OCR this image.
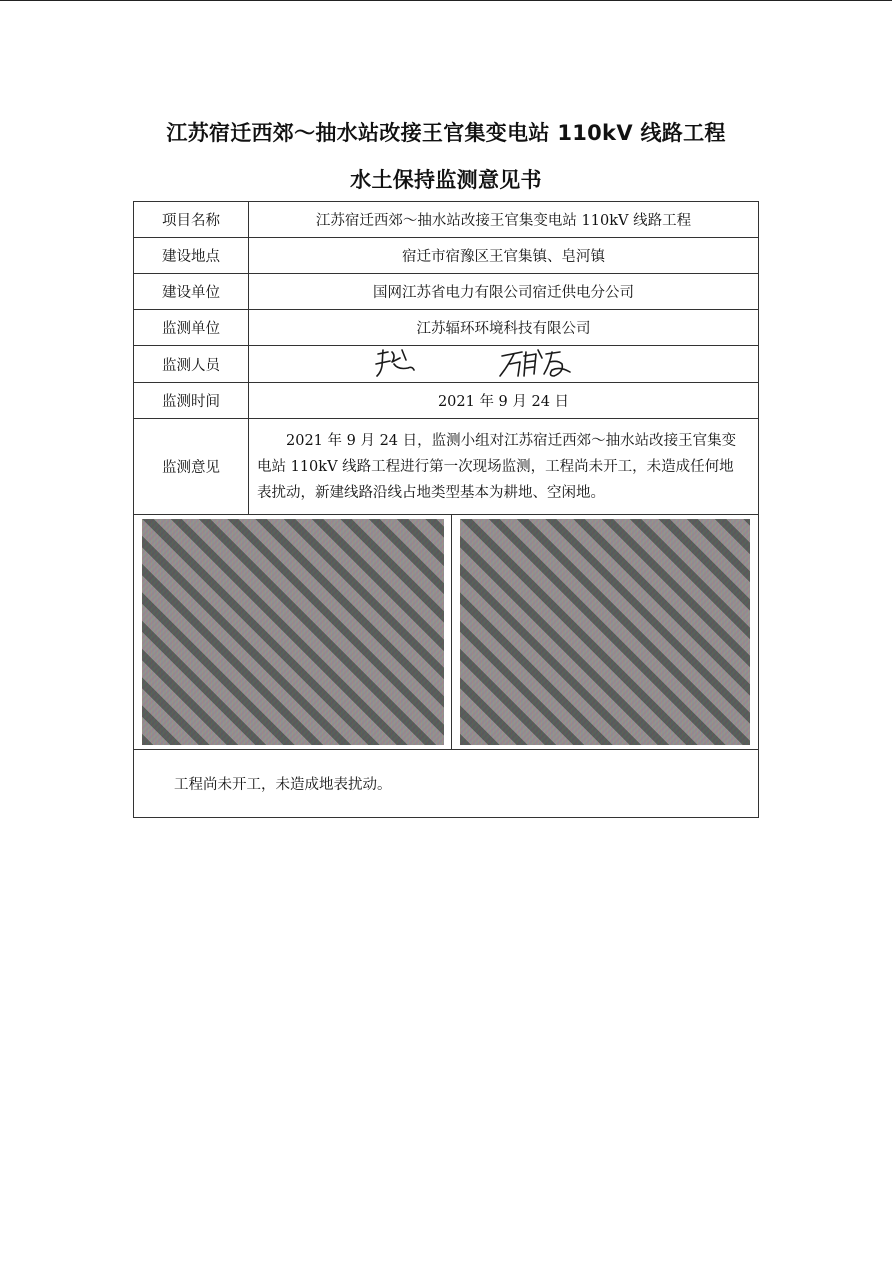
江苏宿迁西郊～抽水站改接王官集变电站 110kV 线路工程
水土保持监测意见书
项目名称	江苏宿迁西郊～抽水站改接王官集变电站 110kV 线路工程
建设地点	宿迁市宿豫区王官集镇、皂河镇
建设单位	国网江苏省电力有限公司宿迁供电分公司
监测单位	江苏辐环环境科技有限公司
监测人员	

监测时间	2021 年 9 月 24 日
监测意见	2021 年 9 月 24 日，监测小组对江苏宿迁西郊～抽水站改接王官集变电站 110kV 线路工程进行第一次现场监测，工程尚未开工，未造成任何地表扰动，新建线路沿线占地类型基本为耕地、空闲地。

工程尚未开工，未造成地表扰动。	
